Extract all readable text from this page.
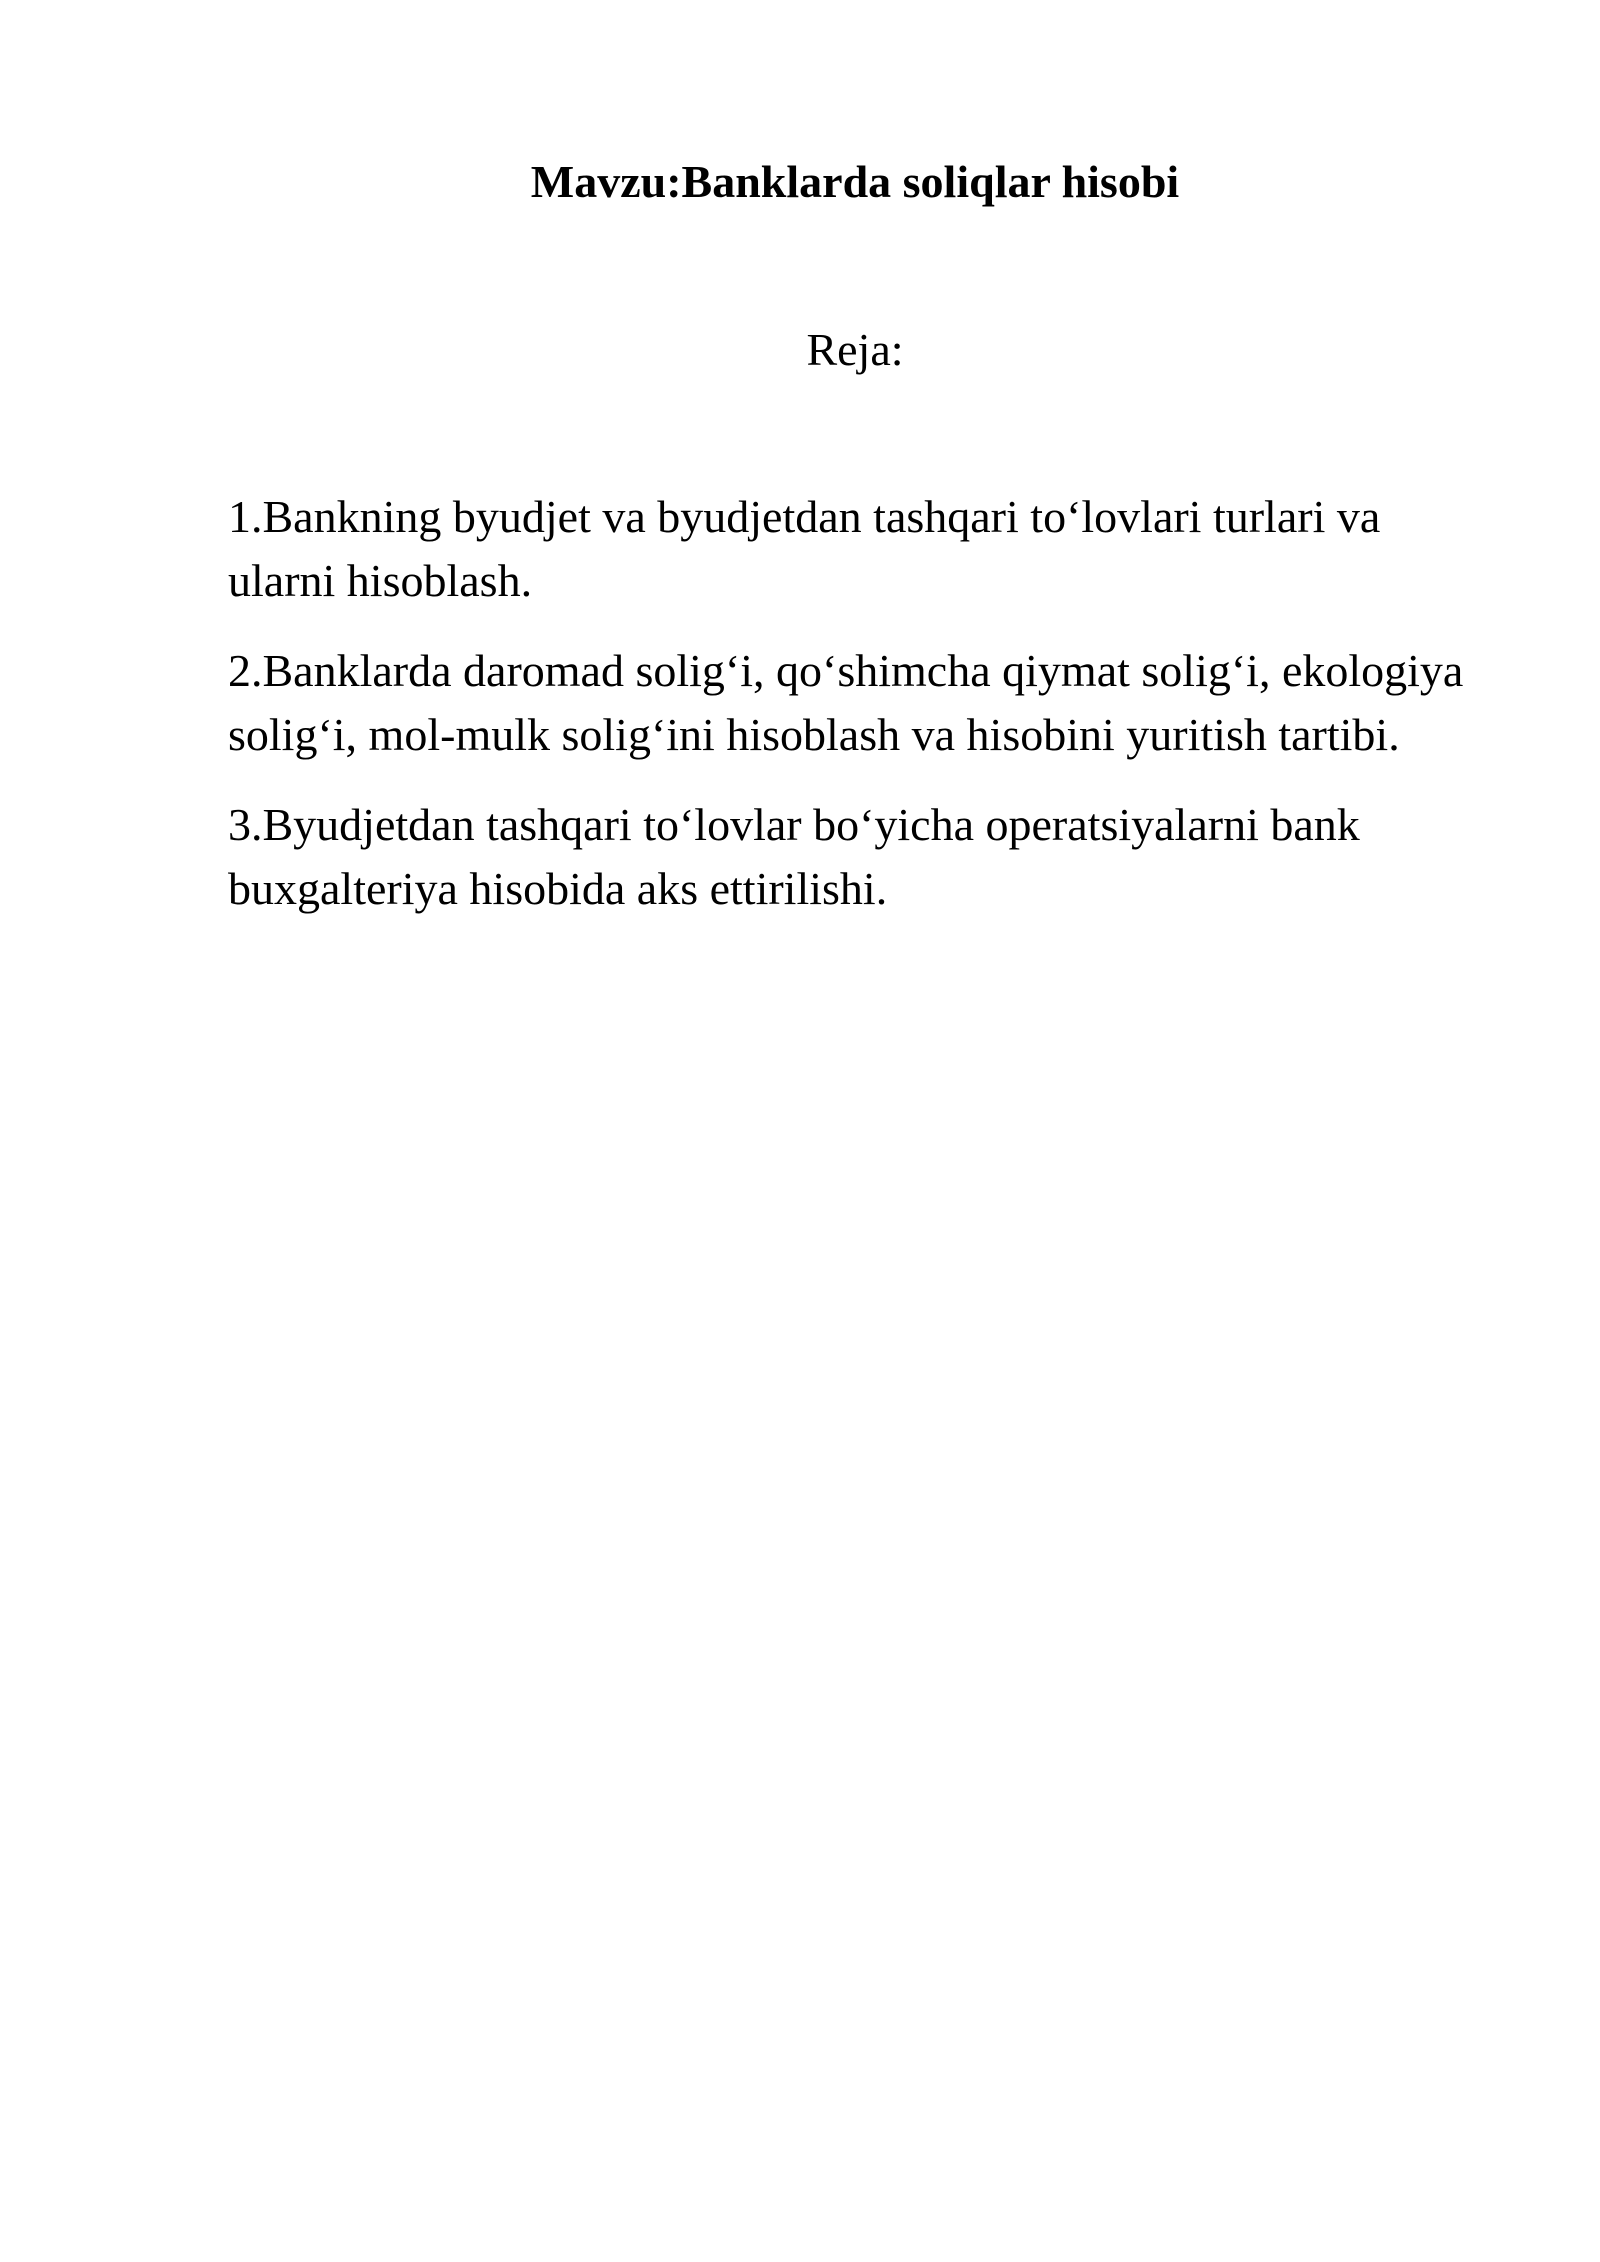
Mavzu:Banklarda soliqlar hisobi
Reja:
1.Bankning byudjet va byudjetdan tashqari to‘lovlari turlari va ularni hisoblash.
2.Banklarda daromad solig‘i, qo‘shimcha qiymat solig‘i, ekologiya solig‘i, mol-mulk solig‘ini hisoblash va hisobini yuritish tartibi.
3.Byudjetdan tashqari to‘lovlar bo‘yicha operatsiyalarni bank buxgalteriya hisobida aks ettirilishi.
